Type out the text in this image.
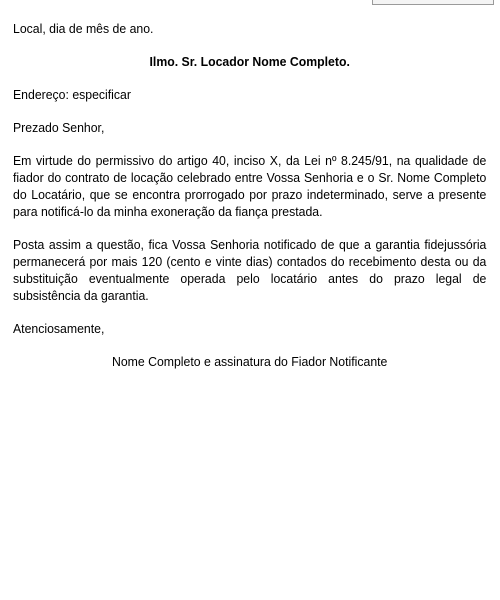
Local, dia de mês de ano.

Ilmo. Sr. Locador Nome Completo.

Endereço: especificar

Prezado Senhor,

Em virtude do permissivo do artigo 40, inciso X, da Lei nº 8.245/91, na qualidade de fiador do contrato de locação celebrado entre Vossa Senhoria e o Sr. Nome Completo do Locatário, que se encontra prorrogado por prazo indeterminado, serve a presente para notificá-lo da minha exoneração da fiança prestada.

Posta assim a questão, fica Vossa Senhoria notificado de que a garantia fidejussória permanecerá por mais 120 (cento e vinte dias) contados do recebimento desta ou da substituição eventualmente operada pelo locatário antes do prazo legal de subsistência da garantia.

Atenciosamente,

Nome Completo e assinatura do Fiador Notificante
